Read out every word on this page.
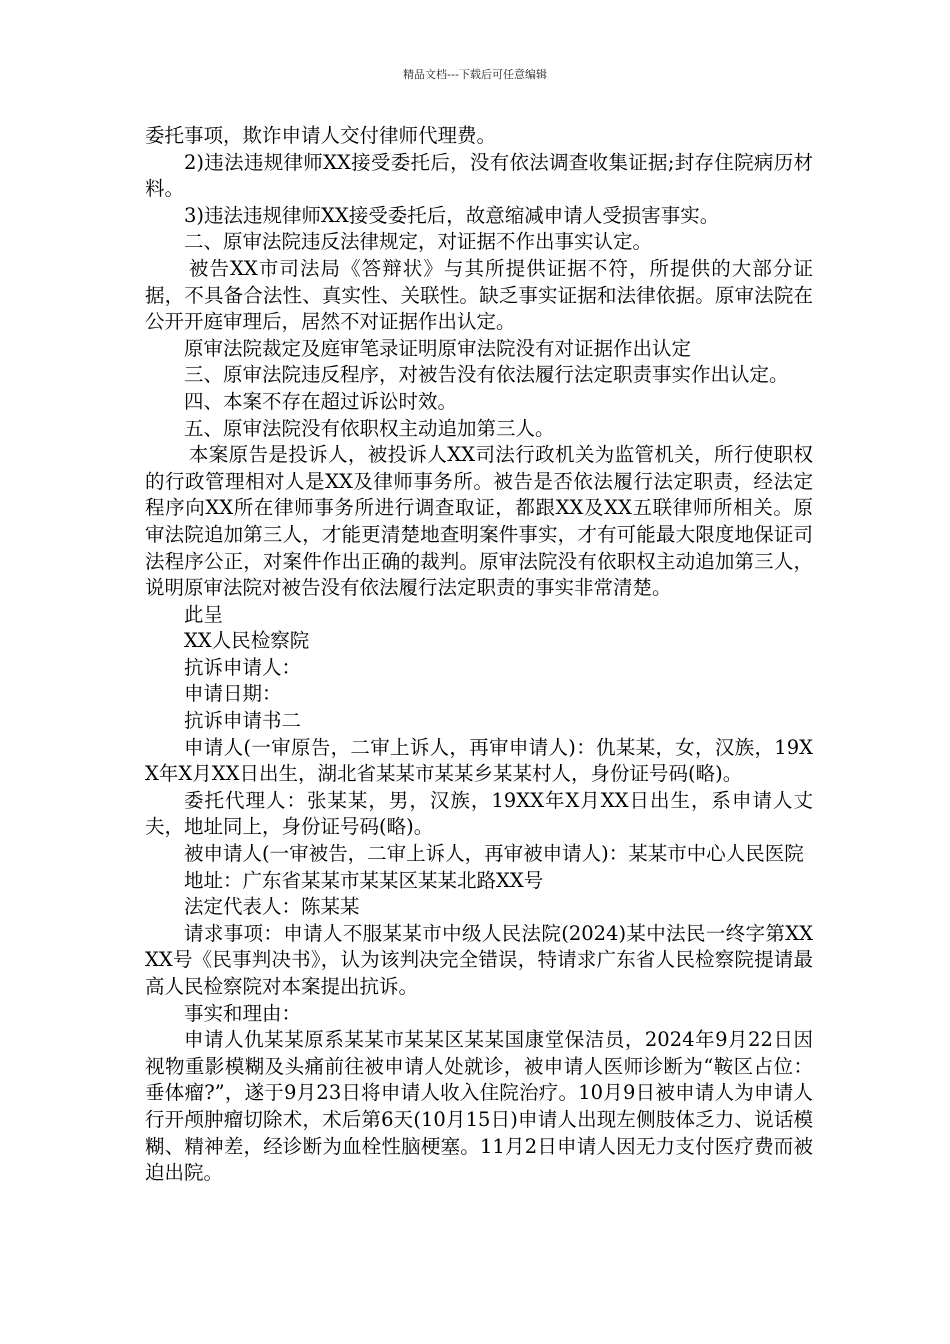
精品文档---下载后可任意编辑

委托事项，欺诈申请人交付律师代理费。

2)违法违规律师XX接受委托后，没有依法调查收集证据;封存住院病历材料。

3)违法违规律师XX接受委托后，故意缩减申请人受损害事实。

二、原审法院违反法律规定，对证据不作出事实认定。

被告XX市司法局《答辩状》与其所提供证据不符，所提供的大部分证据，不具备合法性、真实性、关联性。缺乏事实证据和法律依据。原审法院在公开开庭审理后，居然不对证据作出认定。

原审法院裁定及庭审笔录证明原审法院没有对证据作出认定

三、原审法院违反程序，对被告没有依法履行法定职责事实作出认定。

四、本案不存在超过诉讼时效。

五、原审法院没有依职权主动追加第三人。

本案原告是投诉人，被投诉人XX司法行政机关为监管机关，所行使职权的行政管理相对人是XX及律师事务所。被告是否依法履行法定职责，经法定程序向XX所在律师事务所进行调查取证，都跟XX及XX五联律师所相关。原审法院追加第三人，才能更清楚地查明案件事实，才有可能最大限度地保证司法程序公正，对案件作出正确的裁判。原审法院没有依职权主动追加第三人，说明原审法院对被告没有依法履行法定职责的事实非常清楚。

此呈

XX人民检察院

抗诉申请人：

申请日期：

抗诉申请书二

申请人(一审原告，二审上诉人，再审申请人)：仇某某，女，汉族，19XX年X月XX日出生，湖北省某某市某某乡某某村人，身份证号码(略)。

委托代理人：张某某，男，汉族，19XX年X月XX日出生，系申请人丈夫，地址同上，身份证号码(略)。

被申请人(一审被告，二审上诉人，再审被申请人)：某某市中心人民医院

地址：广东省某某市某某区某某北路XX号

法定代表人：陈某某

请求事项：申请人不服某某市中级人民法院(2024)某中法民一终字第XXXX号《民事判决书》，认为该判决完全错误，特请求广东省人民检察院提请最高人民检察院对本案提出抗诉。

事实和理由：

申请人仇某某原系某某市某某区某某国康堂保洁员，2024年9月22日因视物重影模糊及头痛前往被申请人处就诊，被申请人医师诊断为“鞍区占位：垂体瘤?”，遂于9月23日将申请人收入住院治疗。10月9日被申请人为申请人行开颅肿瘤切除术，术后第6天(10月15日)申请人出现左侧肢体乏力、说话模糊、精神差，经诊断为血栓性脑梗塞。11月2日申请人因无力支付医疗费而被迫出院。
